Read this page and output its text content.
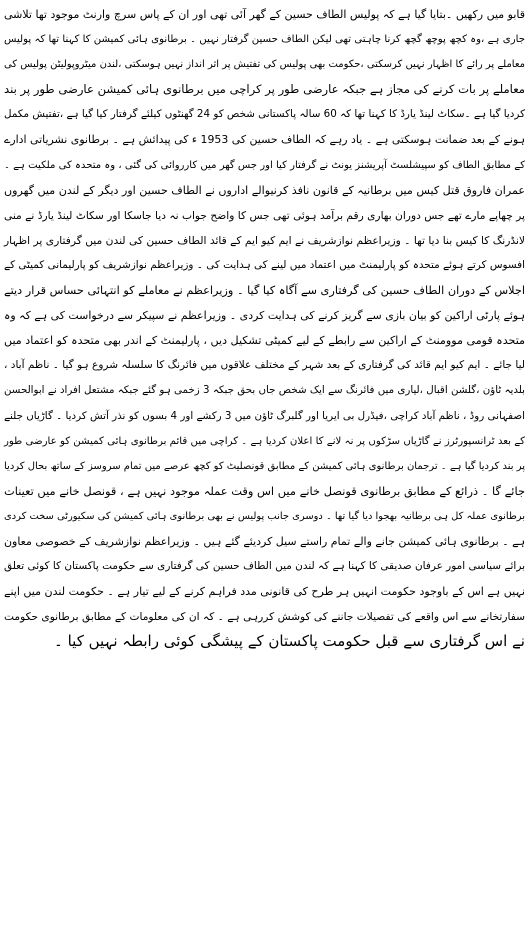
قابو میں رکھیں ۔بتایا گیا ہے کہ پولیس الطاف حسین کے گھر آئی تھی اور ان کے پاس سرچ وارنٹ موجود تھا تلاشی
جاری ہے ،وہ کچھ پوچھ گچھ کرنا چاہتی تھی لیکن الطاف حسین گرفتار نہیں ۔ برطانوی ہائی کمیشن کا کہنا تھا کہ پولیس
معاملے پر رائے کا اظہار نہیں کرسکتی ،حکومت بھی پولیس کی تفتیش پر اثر انداز نہیں ہوسکتی ،لندن میٹروپولیٹن پولیس کی
معاملے پر بات کرنے کی مجاز ہے جبکہ عارضی طور پر کراچی میں برطانوی ہائی کمیشن عارضی طور پر بند
کردیا گیا ہے ۔سکاٹ لینڈ یارڈ کا کہنا تھا کہ 60 سالہ پاکستانی شخص کو 24 گھنٹوں کیلئے گرفتار کیا گیا ہے ،تفتیش مکمل
ہونے کے بعد ضمانت ہوسکتی ہے ۔ یاد رہے کہ الطاف حسین کی 1953 ء کی پیدائش ہے ۔ برطانوی نشریاتی ادارے
کے مطابق الطاف کو سپیشلسٹ آپریشنز یونٹ نے گرفتار کیا اور جس گھر میں کارروائی کی گئی ، وہ متحدہ کی ملکیت ہے ۔
عمران فاروق قتل کیس میں برطانیہ کے قانون نافذ کرنیوالے اداروں نے الطاف حسین اور دیگر کے لندن میں گھروں
پر چھاپے مارے تھے جس دوران بھاری رقم برآمد ہوئی تھی جس کا واضح جواب نہ دیا جاسکا اور سکاٹ لینڈ یارڈ نے منی
لانڈرنگ کا کیس بنا دیا تھا ۔ وزیراعظم نوازشریف نے ایم کیو ایم کے قائد الطاف حسین کی لندن میں گرفتاری پر اظہار
افسوس کرتے ہوئے متحدہ کو پارلیمنٹ میں اعتماد میں لینے کی ہدایت کی ۔ وزیراعظم نوازشریف کو پارلیمانی کمیٹی کے
اجلاس کے دوران الطاف حسین کی گرفتاری سے آگاہ کیا گیا ۔ وزیراعظم نے معاملے کو انتہائی حساس قرار دیتے
ہوئے پارٹی اراکین کو بیان بازی سے گریز کرنے کی ہدایت کردی ۔ وزیراعظم نے سپیکر سے درخواست کی ہے کہ وہ
متحدہ قومی موومنٹ کے اراکین سے رابطے کے لیے کمیٹی تشکیل دیں ، پارلیمنٹ کے اندر بھی متحدہ کو اعتماد میں
لیا جائے ۔ ایم کیو ایم قائد کی گرفتاری کے بعد شہر کے مختلف علاقوں میں فائرنگ کا سلسلہ شروع ہو گیا ۔ ناظم آباد ،
بلدیہ ٹاؤن ،گلشن اقبال ،لیاری میں فائرنگ سے ایک شخص جاں بحق جبکہ 3 زخمی ہو گئے جبکہ مشتعل افراد نے ابوالحسن
اصفہانی روڈ ، ناظم آباد کراچی ،فیڈرل بی ایریا اور گلبرگ ٹاؤن میں 3 رکشے اور 4 بسوں کو نذر آتش کردیا ۔ گاڑیاں جلنے
کے بعد ٹرانسپورٹرز نے گاڑیاں سڑکوں پر نہ لانے کا اعلان کردیا ہے ۔ کراچی میں قائم برطانوی ہائی کمیشن کو عارضی طور
پر بند کردیا گیا ہے ۔ ترجمان برطانوی ہائی کمیشن کے مطابق قونصلیٹ کو کچھ عرصے میں تمام سروسز کے ساتھ بحال کردیا
جائے گا ۔ ذرائع کے مطابق برطانوی قونصل خانے میں اس وقت عملہ موجود نہیں ہے ، قونصل خانے میں تعینات
برطانوی عملہ کل ہی برطانیہ بھجوا دیا گیا تھا ۔ دوسری جانب پولیس نے بھی برطانوی ہائی کمیشن کی سکیورٹی سخت کردی
ہے ۔ برطانوی ہائی کمیشن جانے والے تمام راستے سیل کردیئے گئے ہیں ۔ وزیراعظم نوازشریف کے خصوصی معاون
برائے سیاسی امور عرفان صدیقی کا کہنا ہے کہ لندن میں الطاف حسین کی گرفتاری سے حکومت پاکستان کا کوئی تعلق
نہیں ہے اس کے باوجود حکومت انہیں ہر طرح کی قانونی مدد فراہم کرنے کے لیے تیار ہے ۔ حکومت لندن میں اپنے
سفارتخانے سے اس واقعے کی تفصیلات جاننے کی کوشش کررہی ہے ۔ کہ ان کی معلومات کے مطابق برطانوی حکومت
نے اس گرفتاری سے قبل حکومت پاکستان کے پیشگی کوئی رابطہ نہیں کیا ۔
